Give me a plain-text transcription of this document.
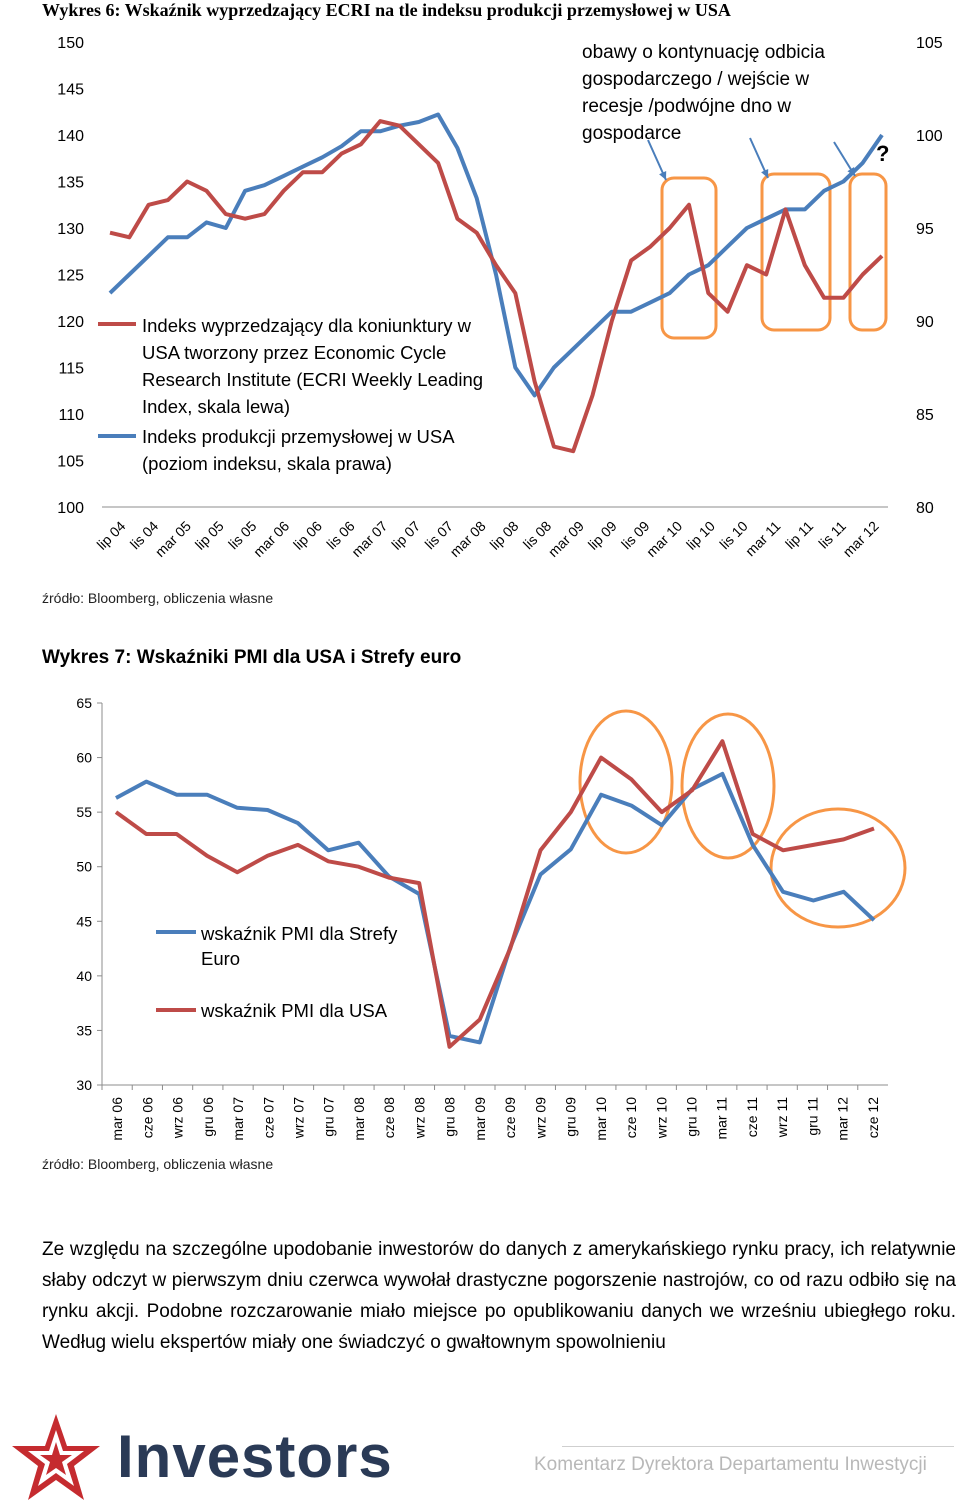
Wykres 6: Wskaźnik wyprzedzający ECRI na tle indeksu produkcji przemysłowej w USA
100
105
110
115
120
125
130
135
140
145
150
80
85
90
95
100
105
lip 04
lis 04
mar 05
lip 05
lis 05
mar 06
lip 06
lis 06
mar 07
lip 07
lis 07
mar 08
lip 08
lis 08
mar 09
lip 09
lis 09
mar 10
lip 10
lis 10
mar 11
lip 11 lis 11
mar 12
obawy o kontynuację odbicia
gospodarczego / wejście w
recesje /podwójne dno w
gospodarce
?
Indeks wyprzedzający dla koniunktury w
USA tworzony przez Economic Cycle
Research Institute (ECRI Weekly Leading
Index, skala lewa)
Indeks produkcji przemysłowej w USA
(poziom indeksu, skala prawa)
źródło: Bloomberg, obliczenia własne
Wykres 7: Wskaźniki PMI dla USA i Strefy euro
30
35
40
45
50
55
60
65
mar 06 cze 06 wrz 06 gru 06 mar 07 cze 07 wrz 07 gru 07 mar 08 cze 08 wrz 08 gru 08 mar 09 cze 09 wrz 09 gru 09 mar 10 cze 10 wrz 10 gru 10 mar 11 cze 11 wrz 11 gru 11 mar 12 cze 12
wskaźnik PMI dla Strefy
Euro
wskaźnik PMI dla USA
źródło: Bloomberg, obliczenia własne
Ze względu na szczególne upodobanie inwestorów do danych z amerykańskiego rynku pracy, ich relatywnie słaby odczyt w pierwszym dniu czerwca wywołał drastyczne pogorszenie nastrojów, co od razu odbiło się na rynku akcji. Podobne rozczarowanie miało miejsce po opublikowaniu danych we wrześniu ubiegłego roku. Według wielu ekspertów miały one świadczyć o gwałtownym spowolnieniu
Investors	Komentarz Dyrektora Departamentu Inwestycji
